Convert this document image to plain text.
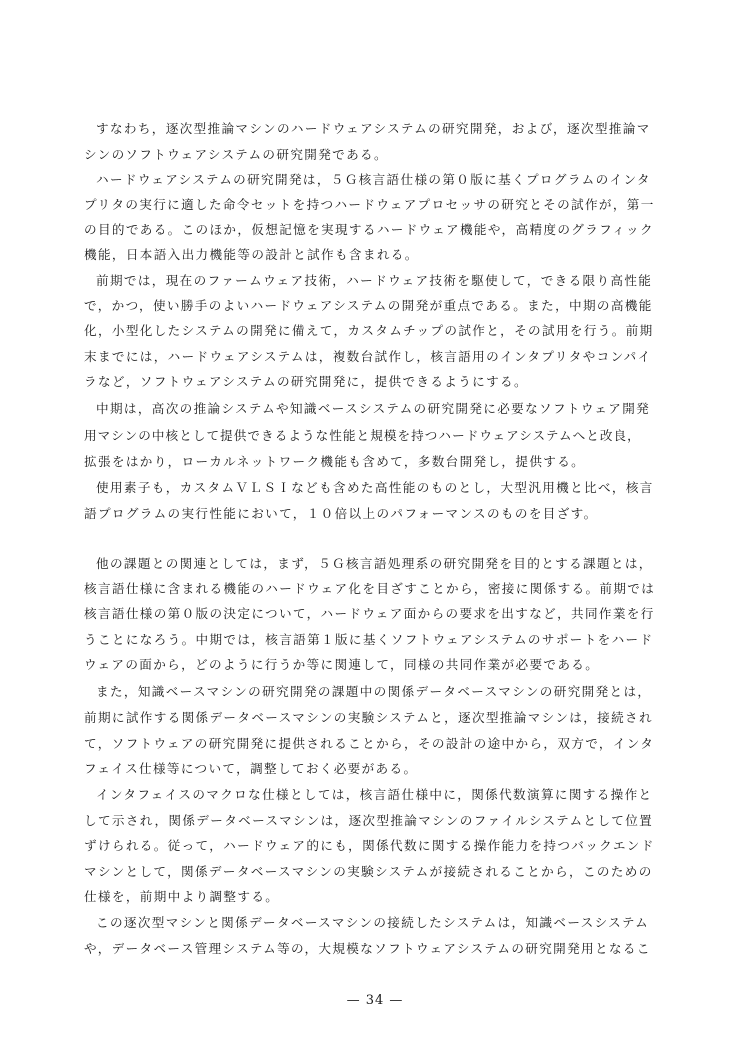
すなわち，逐次型推論マシンのハードウェアシステムの研究開発，および，逐次型推論マ

シンのソフトウェアシステムの研究開発である。

ハードウェアシステムの研究開発は，５Ｇ核言語仕様の第０版に基くプログラムのインタ

プリタの実行に適した命令セットを持つハードウェアプロセッサの研究とその試作が，第一

の目的である。このほか，仮想記憶を実現するハードウェア機能や，高精度のグラフィック

機能，日本語入出力機能等の設計と試作も含まれる。

前期では，現在のファームウェア技術，ハードウェア技術を駆使して，できる限り高性能

で，かつ，使い勝手のよいハードウェアシステムの開発が重点である。また，中期の高機能

化，小型化したシステムの開発に備えて，カスタムチップの試作と，その試用を行う。前期

末までには，ハードウェアシステムは，複数台試作し，核言語用のインタプリタやコンパイ

ラなど，ソフトウェアシステムの研究開発に，提供できるようにする。

中期は，高次の推論システムや知識ベースシステムの研究開発に必要なソフトウェア開発

用マシンの中核として提供できるような性能と規模を持つハードウェアシステムへと改良，

拡張をはかり，ローカルネットワーク機能も含めて，多数台開発し，提供する。

使用素子も，カスタムＶＬＳＩなども含めた高性能のものとし，大型汎用機と比べ，核言

語プログラムの実行性能において，１０倍以上のパフォーマンスのものを目ざす。

他の課題との関連としては，まず，５Ｇ核言語処理系の研究開発を目的とする課題とは，

核言語仕様に含まれる機能のハードウェア化を目ざすことから，密接に関係する。前期では

核言語仕様の第０版の決定について，ハードウェア面からの要求を出すなど，共同作業を行

うことになろう。中期では，核言語第１版に基くソフトウェアシステムのサポートをハード

ウェアの面から，どのように行うか等に関連して，同様の共同作業が必要である。

また，知識ベースマシンの研究開発の課題中の関係データベースマシンの研究開発とは，

前期に試作する関係データベースマシンの実験システムと，逐次型推論マシンは，接続され

て，ソフトウェアの研究開発に提供されることから，その設計の途中から，双方で，インタ

フェイス仕様等について，調整しておく必要がある。

インタフェイスのマクロな仕様としては，核言語仕様中に，関係代数演算に関する操作と

して示され，関係データベースマシンは，逐次型推論マシンのファイルシステムとして位置

ずけられる。従って，ハードウェア的にも，関係代数に関する操作能力を持つバックエンド

マシンとして，関係データベースマシンの実験システムが接続されることから，このための

仕様を，前期中より調整する。

この逐次型マシンと関係データベースマシンの接続したシステムは，知識ベースシステム

や，データベース管理システム等の，大規模なソフトウェアシステムの研究開発用となるこ

— 34 —
